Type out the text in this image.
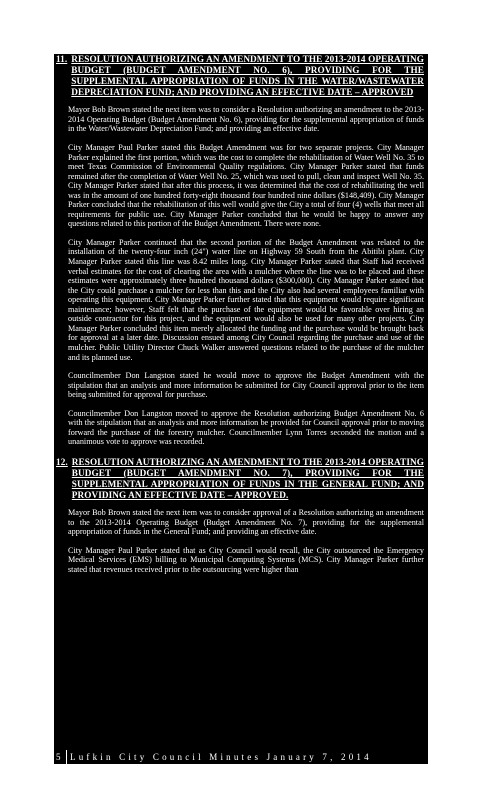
11. RESOLUTION AUTHORIZING AN AMENDMENT TO THE 2013-2014 OPERATING BUDGET (BUDGET AMENDMENT NO. 6), PROVIDING FOR THE SUPPLEMENTAL APPROPRIATION OF FUNDS IN THE WATER/WASTEWATER DEPRECIATION FUND; AND PROVIDING AN EFFECTIVE DATE – APPROVED

Mayor Bob Brown stated the next item was to consider a Resolution authorizing an amendment to the 2013-2014 Operating Budget (Budget Amendment No. 6), providing for the supplemental appropriation of funds in the Water/Wastewater Depreciation Fund; and providing an effective date.

City Manager Paul Parker stated this Budget Amendment was for two separate projects. City Manager Parker explained the first portion, which was the cost to complete the rehabilitation of Water Well No. 35 to meet Texas Commission of Environmental Quality regulations. City Manager Parker stated that funds remained after the completion of Water Well No. 25, which was used to pull, clean and inspect Well No. 35. City Manager Parker stated that after this process, it was determined that the cost of rehabilitating the well was in the amount of one hundred forty-eight thousand four hundred nine dollars ($148,409). City Manager Parker concluded that the rehabilitation of this well would give the City a total of four (4) wells that meet all requirements for public use. City Manager Parker concluded that he would be happy to answer any questions related to this portion of the Budget Amendment. There were none.

City Manager Parker continued that the second portion of the Budget Amendment was related to the installation of the twenty-four inch (24") water line on Highway 59 South from the Abitibi plant. City Manager Parker stated this line was 8.42 miles long. City Manager Parker stated that Staff had received verbal estimates for the cost of clearing the area with a mulcher where the line was to be placed and these estimates were approximately three hundred thousand dollars ($300,000). City Manager Parker stated that the City could purchase a mulcher for less than this and the City also had several employees familiar with operating this equipment. City Manager Parker further stated that this equipment would require significant maintenance; however, Staff felt that the purchase of the equipment would be favorable over hiring an outside contractor for this project, and the equipment would also be used for many other projects. City Manager Parker concluded this item merely allocated the funding and the purchase would be brought back for approval at a later date. Discussion ensued among City Council regarding the purchase and use of the mulcher. Public Utility Director Chuck Walker answered questions related to the purchase of the mulcher and its planned use.

Councilmember Don Langston stated he would move to approve the Budget Amendment with the stipulation that an analysis and more information be submitted for City Council approval prior to the item being submitted for approval for purchase.

Councilmember Don Langston moved to approve the Resolution authorizing Budget Amendment No. 6 with the stipulation that an analysis and more information be provided for Council approval prior to moving forward the purchase of the forestry mulcher. Councilmember Lynn Torres seconded the motion and a unanimous vote to approve was recorded.

12. RESOLUTION AUTHORIZING AN AMENDMENT TO THE 2013-2014 OPERATING BUDGET (BUDGET AMENDMENT NO. 7), PROVIDING FOR THE SUPPLEMENTAL APPROPRIATION OF FUNDS IN THE GENERAL FUND; AND PROVIDING AN EFFECTIVE DATE – APPROVED.

Mayor Bob Brown stated the next item was to consider approval of a Resolution authorizing an amendment to the 2013-2014 Operating Budget (Budget Amendment No. 7), providing for the supplemental appropriation of funds in the General Fund; and providing an effective date.

City Manager Paul Parker stated that as City Council would recall, the City outsourced the Emergency Medical Services (EMS) billing to Municipal Computing Systems (MCS). City Manager Parker further stated that revenues received prior to the outsourcing were higher than

5 Lufkin City Council Minutes January 7, 2014
